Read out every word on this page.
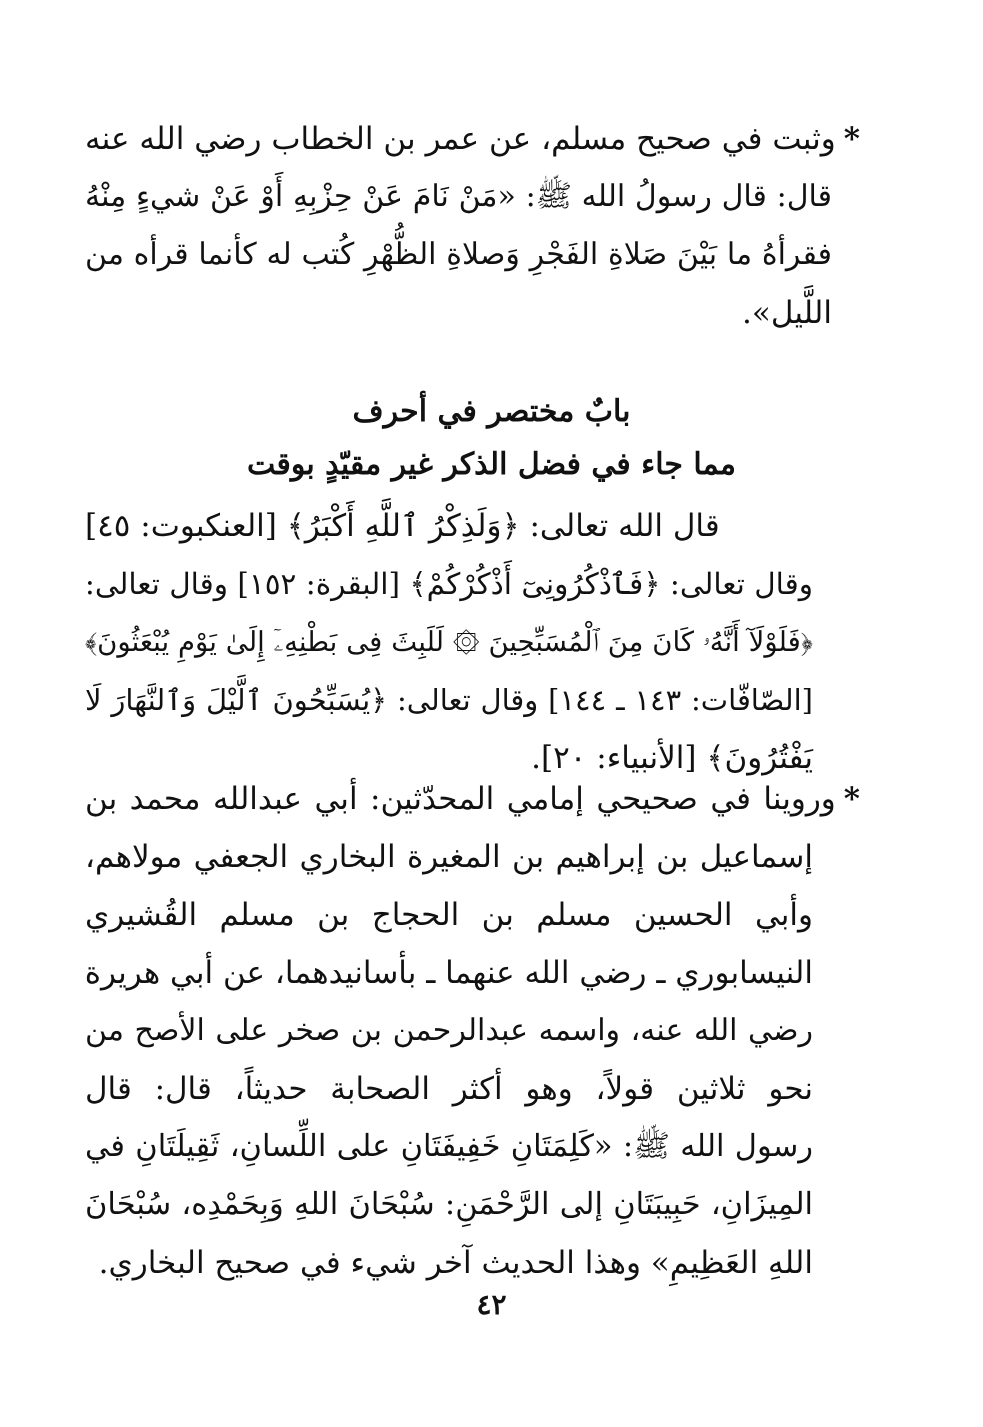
*وثبت في صحيح مسلم، عن عمر بن الخطاب رضي الله عنه
قال: قال رسولُ الله ﷺ: «مَنْ نَامَ عَنْ حِزْبِهِ أَوْ عَنْ شيءٍ مِنْهُ
فقرأهُ ما بَيْنَ صَلاةِ الفَجْرِ وَصلاةِ الظُّهْرِ كُتب له كأنما قرأه من
اللَّيل».
بابٌ مختصر في أحرف
مما جاء في فضل الذكر غير مقيّدٍ بوقت
قال الله تعالى: ﴿وَلَذِكْرُ ٱللَّهِ أَكْبَرُ﴾ [العنكبوت: ٤٥]
وقال تعالى: ﴿فَٱذْكُرُونِىٓ أَذْكُرْكُمْ﴾ [البقرة: ١٥٢] وقال تعالى:
﴿فَلَوْلَآ أَنَّهُۥ كَانَ مِنَ ٱلْمُسَبِّحِينَ ۞ لَلَبِثَ فِى بَطْنِهِۦٓ إِلَىٰ يَوْمِ يُبْعَثُونَ﴾
[الصّافّات: ١٤٣ ـ ١٤٤] وقال تعالى: ﴿يُسَبِّحُونَ ٱلَّيْلَ وَٱلنَّهَارَ لَا
يَفْتُرُونَ﴾ [الأنبياء: ٢٠].
*وروينا في صحيحي إمامي المحدّثين: أبي عبدالله محمد بن
إسماعيل بن إبراهيم بن المغيرة البخاري الجعفي مولاهم،
وأبي الحسين مسلم بن الحجاج بن مسلم القُشيري
النيسابوري ـ رضي الله عنهما ـ بأسانيدهما، عن أبي هريرة
رضي الله عنه، واسمه عبدالرحمن بن صخر على الأصح من
نحو ثلاثين قولاً، وهو أكثر الصحابة حديثاً، قال: قال
رسول الله ﷺ: «كَلِمَتَانِ خَفِيفَتَانِ على اللِّسانِ، ثَقِيلَتَانِ في
المِيزَانِ، حَبِيبَتَانِ إلى الرَّحْمَنِ: سُبْحَانَ اللهِ وَبِحَمْدِه، سُبْحَانَ
اللهِ العَظِيمِ» وهذا الحديث آخر شيء في صحيح البخاري.
٤٢
